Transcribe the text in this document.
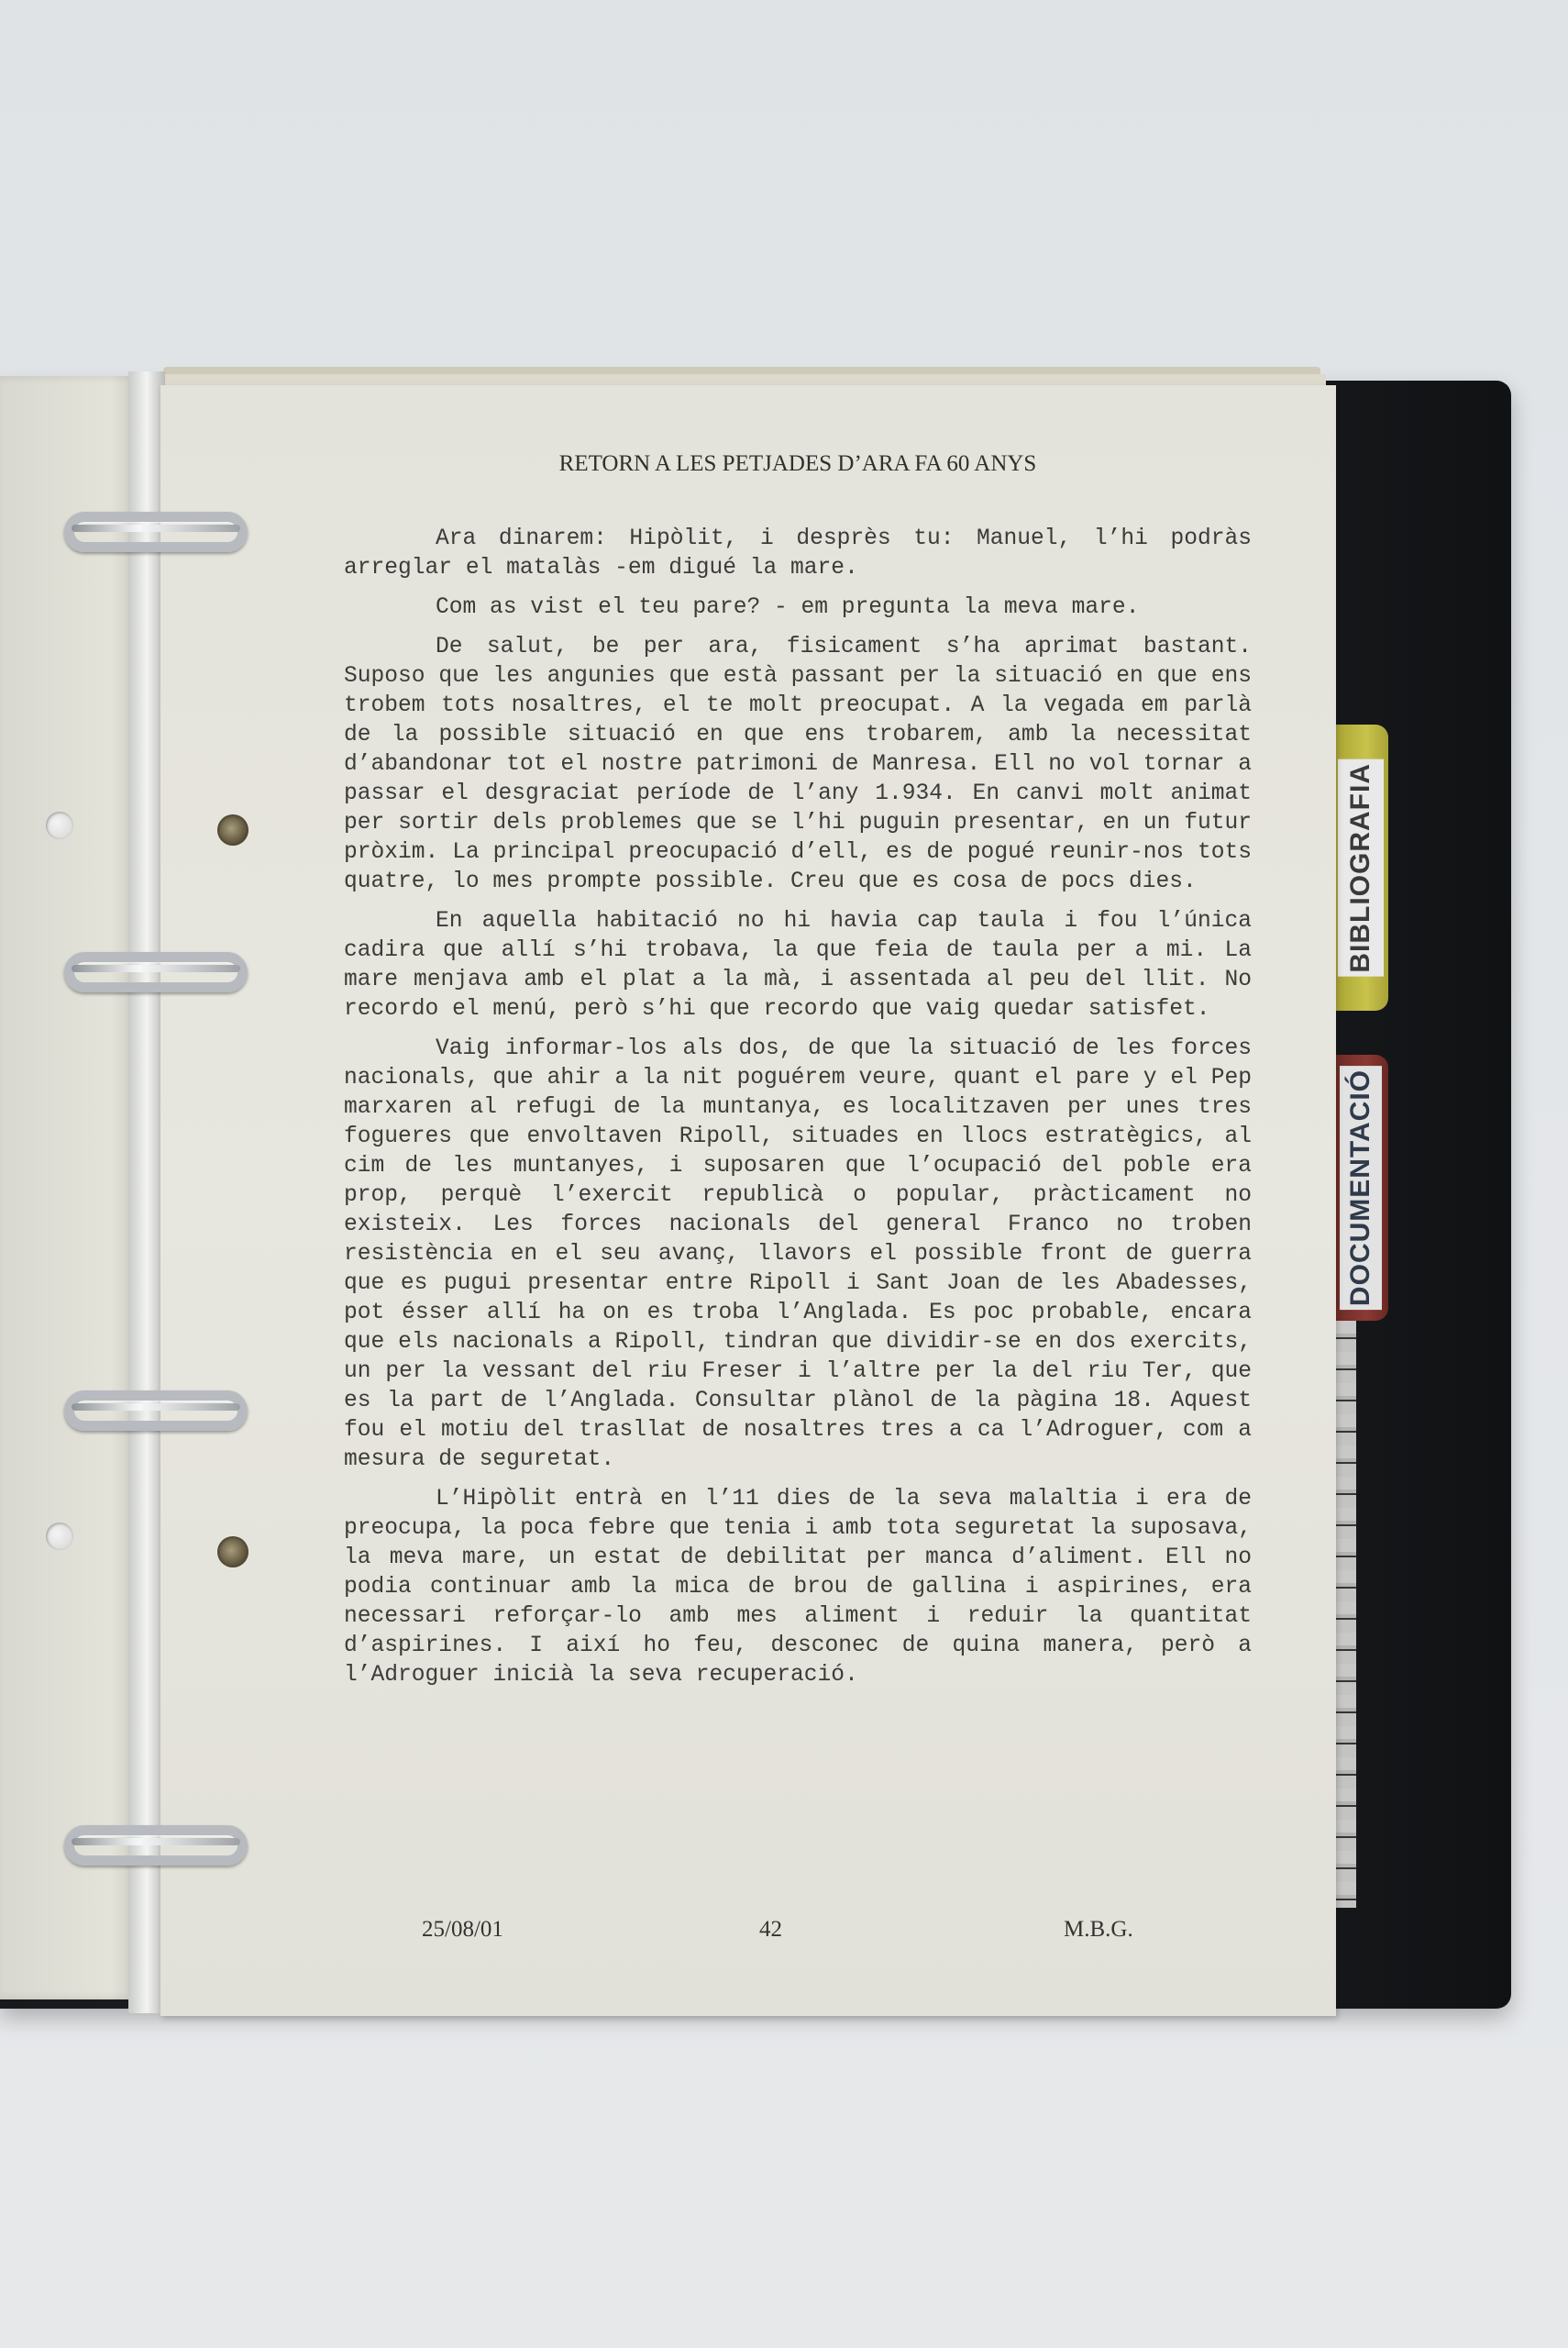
BIBLIOGRAFIA
DOCUMENTACIÓ
RETORN A LES PETJADES D’ARA FA 60 ANYS

Ara dinarem: Hipòlit, i desprès tu: Manuel, l’hi podràs arreglar el matalàs -em digué la mare.

Com as vist el teu pare? - em pregunta la meva mare.

De salut, be per ara, fisicament s’ha aprimat bastant. Suposo que les angunies que està passant per la situació en que ens trobem tots nosaltres, el te molt preocupat. A la vegada em parlà de la possible situació en que ens trobarem, amb la necessitat d’abandonar tot el nostre patrimoni de Manresa. Ell no vol tornar a passar el desgraciat període de l’any 1.934. En canvi molt animat per sortir dels problemes que se l’hi puguin presentar, en un futur pròxim. La principal preocupació d’ell, es de pogué reunir-nos tots quatre, lo mes prompte possible. Creu que es cosa de pocs dies.

En aquella habitació no hi havia cap taula i fou l’única cadira que allí s’hi trobava, la que feia de taula per a mi. La mare menjava amb el plat a la mà, i assentada al peu del llit. No recordo el menú, però s’hi que recordo que vaig quedar satisfet.

Vaig informar-los als dos, de que la situació de les forces nacionals, que ahir a la nit poguérem veure, quant el pare y el Pep marxaren al refugi de la muntanya, es localitzaven per unes tres fogueres que envoltaven Ripoll, situades en llocs estratègics, al cim de les muntanyes, i suposaren que l’ocupació del poble era prop, perquè l’exercit republicà o popular, pràcticament no existeix. Les forces nacionals del general Franco no troben resistència en el seu avanç, llavors el possible front de guerra que es pugui presentar entre Ripoll i Sant Joan de les Abadesses, pot ésser allí ha on es troba l’Anglada. Es poc probable, encara que els nacionals a Ripoll, tindran que dividir-se en dos exercits, un per la vessant del riu Freser i l’altre per la del riu Ter, que es la part de l’Anglada. Consultar plànol de la pàgina 18. Aquest fou el motiu del trasllat de nosaltres tres a ca l’Adroguer, com a mesura de seguretat.

L’Hipòlit entrà en l’11 dies de la seva malaltia i era de preocupa, la poca febre que tenia i amb tota seguretat la suposava, la meva mare, un estat de debilitat per manca d’aliment. Ell no podia continuar amb la mica de brou de gallina i aspirines, era necessari reforçar-lo amb mes aliment i reduir la quantitat d’aspirines. I així ho feu, desconec de quina manera, però a l’Adroguer inicià la seva recuperació.

25/08/01	42	M.B.G.
